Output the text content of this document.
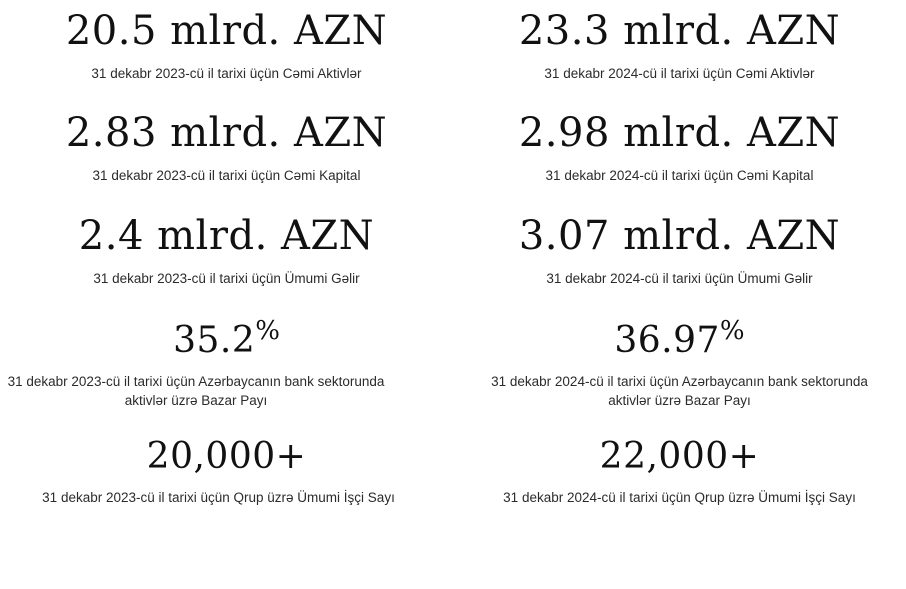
20.5 mlrd. AZN
31 dekabr 2023-cü il tarixi üçün Cəmi Aktivlər
23.3 mlrd. AZN
31 dekabr 2024-cü il tarixi üçün Cəmi Aktivlər
2.83 mlrd. AZN
31 dekabr 2023-cü il tarixi üçün Cəmi Kapital
2.98 mlrd. AZN
31 dekabr 2024-cü il tarixi üçün Cəmi Kapital
2.4 mlrd. AZN
31 dekabr 2023-cü il tarixi üçün Ümumi Gəlir
3.07 mlrd. AZN
31 dekabr 2024-cü il tarixi üçün Ümumi Gəlir
35.2%
31 dekabr 2023-cü il tarixi üçün Azərbaycanın bank sektorunda aktivlər üzrə Bazar Payı
36.97%
31 dekabr 2024-cü il tarixi üçün Azərbaycanın bank sektorunda aktivlər üzrə Bazar Payı
20,000+
31 dekabr 2023-cü il tarixi üçün Qrup üzrə Ümumi İşçi Sayı
22,000+
31 dekabr 2024-cü il tarixi üçün Qrup üzrə Ümumi İşçi Sayı
